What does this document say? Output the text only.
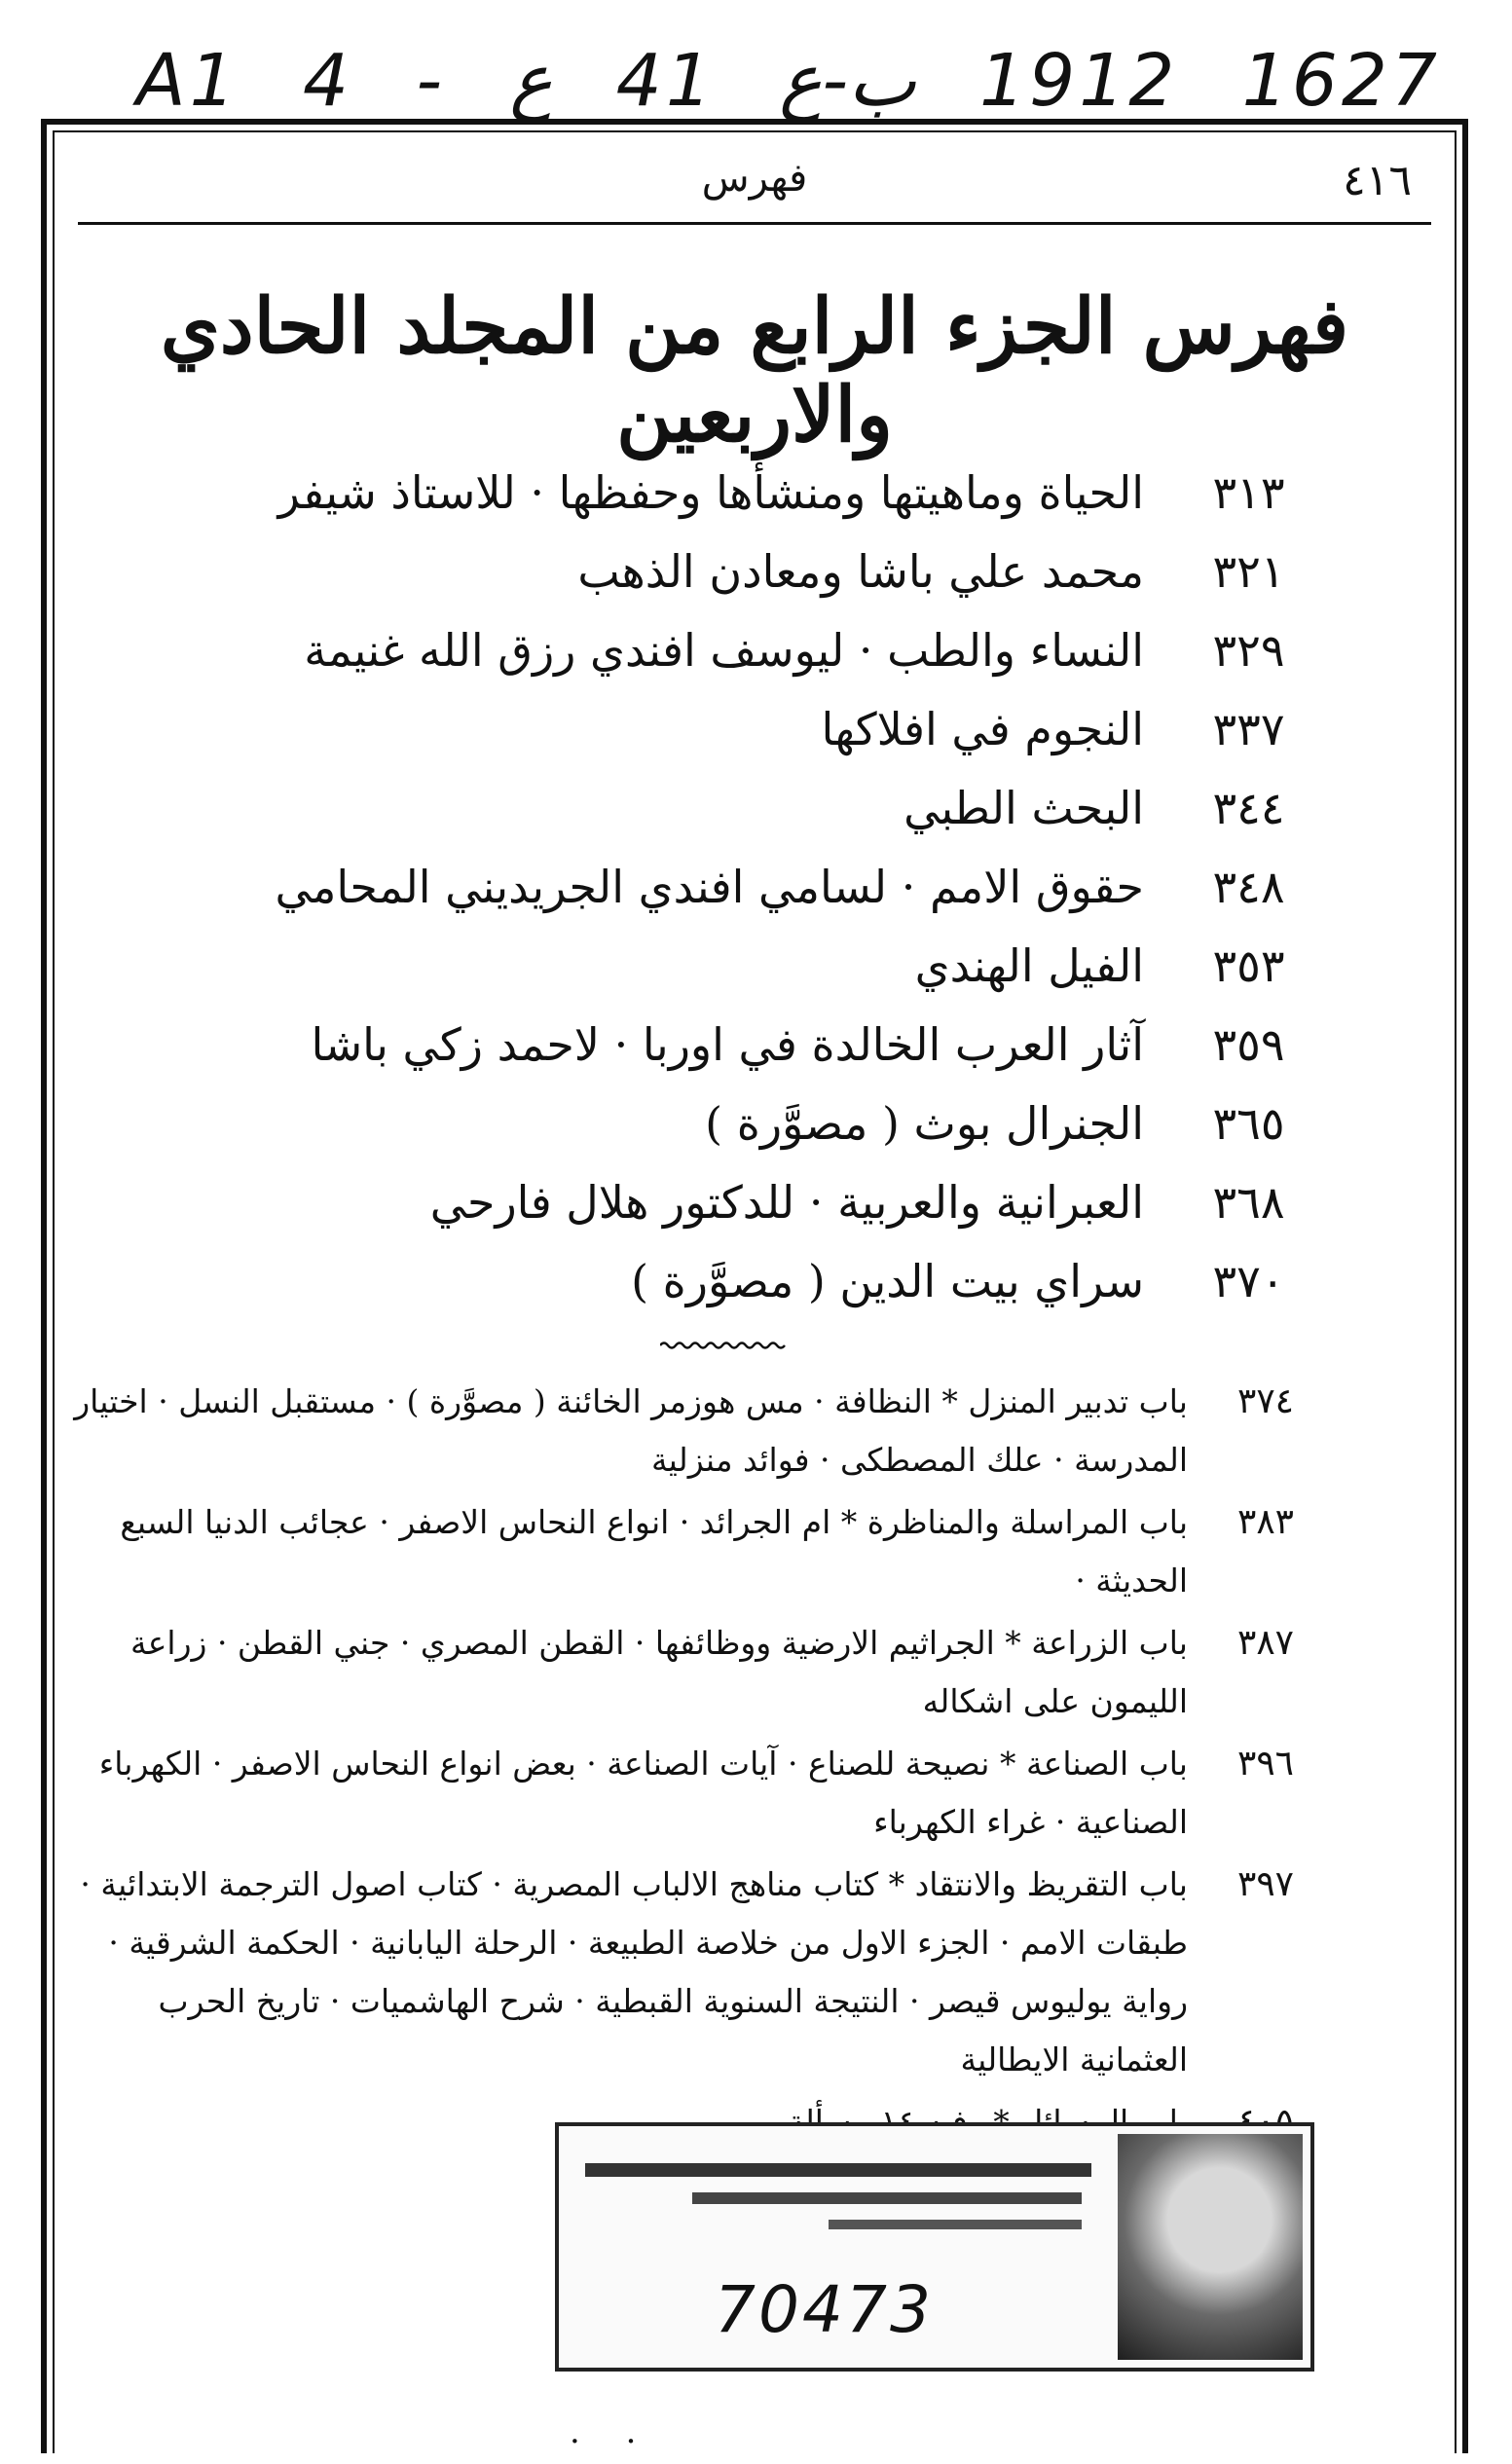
A1 4 - ع 41 ب-ع 1912 1627
٤١٦
فهرس
فهرس الجزء الرابع من المجلد الحادي والاربعين
٣١٣
الحياة وماهيتها ومنشأها وحفظها · للاستاذ شيفر
٣٢١
محمد علي باشا ومعادن الذهب
٣٢٩
النساء والطب · ليوسف افندي رزق الله غنيمة
٣٣٧
النجوم في افلاكها
٣٤٤
البحث الطبي
٣٤٨
حقوق الامم · لسامي افندي الجريديني المحامي
٣٥٣
الفيل الهندي
٣٥٩
آثار العرب الخالدة في اوربا · لاحمد زكي باشا
٣٦٥
الجنرال بوث ( مصوَّرة )
٣٦٨
العبرانية والعربية · للدكتور هلال فارحي
٣٧٠
سراي بيت الدين ( مصوَّرة )
٣٧٤
باب تدبير المنزل * النظافة · مس هوزمر الخائنة ( مصوَّرة ) · مستقبل النسل · اختيار المدرسة · علك المصطكى · فوائد منزلية
٣٨٣
باب المراسلة والمناظرة * ام الجرائد · انواع النحاس الاصفر · عجائب الدنيا السبع الحديثة ·
٣٨٧
باب الزراعة * الجراثيم الارضية ووظائفها · القطن المصري · جني القطن · زراعة الليمون على اشكاله
٣٩٦
باب الصناعة * نصيحة للصناع · آيات الصناعة · بعض انواع النحاس الاصفر · الكهرباء الصناعية · غراء الكهرباء
٣٩٧
باب التقريظ والانتقاد * كتاب مناهج الالباب المصرية · كتاب اصول الترجمة الابتدائية · طبقات الامم · الجزء الاول من خلاصة الطبيعة · الرحلة اليابانية · الحكمة الشرقية · رواية يوليوس قيصر · النتيجة السنوية القبطية · شرح الهاشميات · تاريخ الحرب العثمانية الايطالية
70473
· ·
